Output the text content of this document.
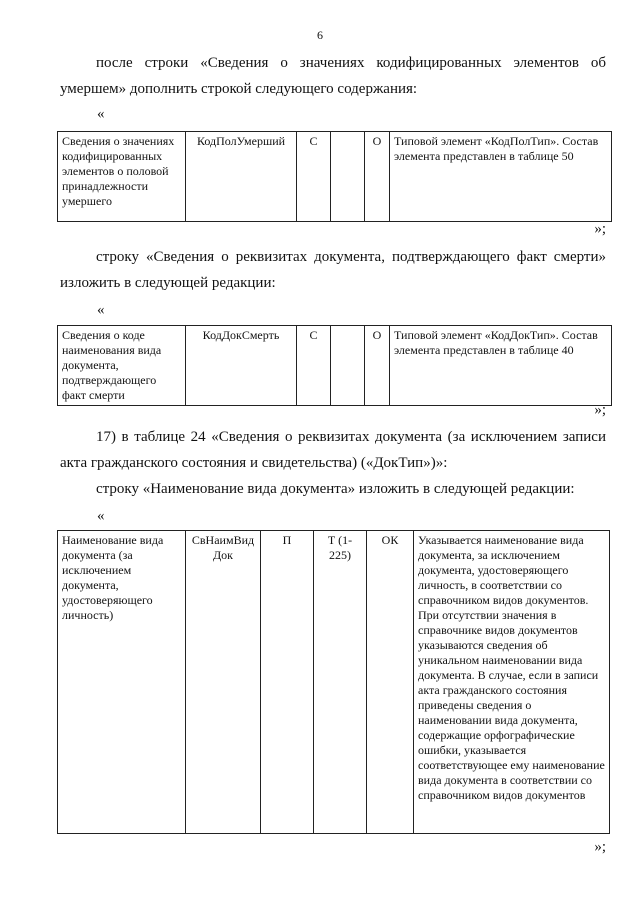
6

после строки «Сведения о значениях кодифицированных элементов об умершем» дополнить строкой следующего содержания:

«
Сведения о значениях кодифицированных элементов о половой принадлежности умершего	КодПолУмерший	С		О	Типовой элемент «КодПолТип». Состав элемента представлен в таблице 50
»;

строку «Сведения о реквизитах документа, подтверждающего факт смерти» изложить в следующей редакции:

«
Сведения о коде наименования вида документа, подтверждающего факт смерти	КодДокСмерть	С		О	Типовой элемент «КодДокТип». Состав элемента представлен в таблице 40
»;

17) в таблице 24 «Сведения о реквизитах документа (за исключением записи акта гражданского состояния и свидетельства) («ДокТип»)»:

строку «Наименование вида документа» изложить в следующей редакции:

«
Наименование вида документа (за исключением документа, удостоверяющего личность)	СвНаимВид Док	П	Т (1-225)	ОК	Указывается наименование вида документа, за исключением документа, удостоверяющего личность, в соответствии со справочником видов документов. При отсутствии значения в справочнике видов документов указываются сведения об уникальном наименовании вида документа. В случае, если в записи акта гражданского состояния приведены сведения о наименовании вида документа, содержащие орфографические ошибки, указывается соответствующее ему наименование вида документа в соответствии со справочником видов документов
»;
